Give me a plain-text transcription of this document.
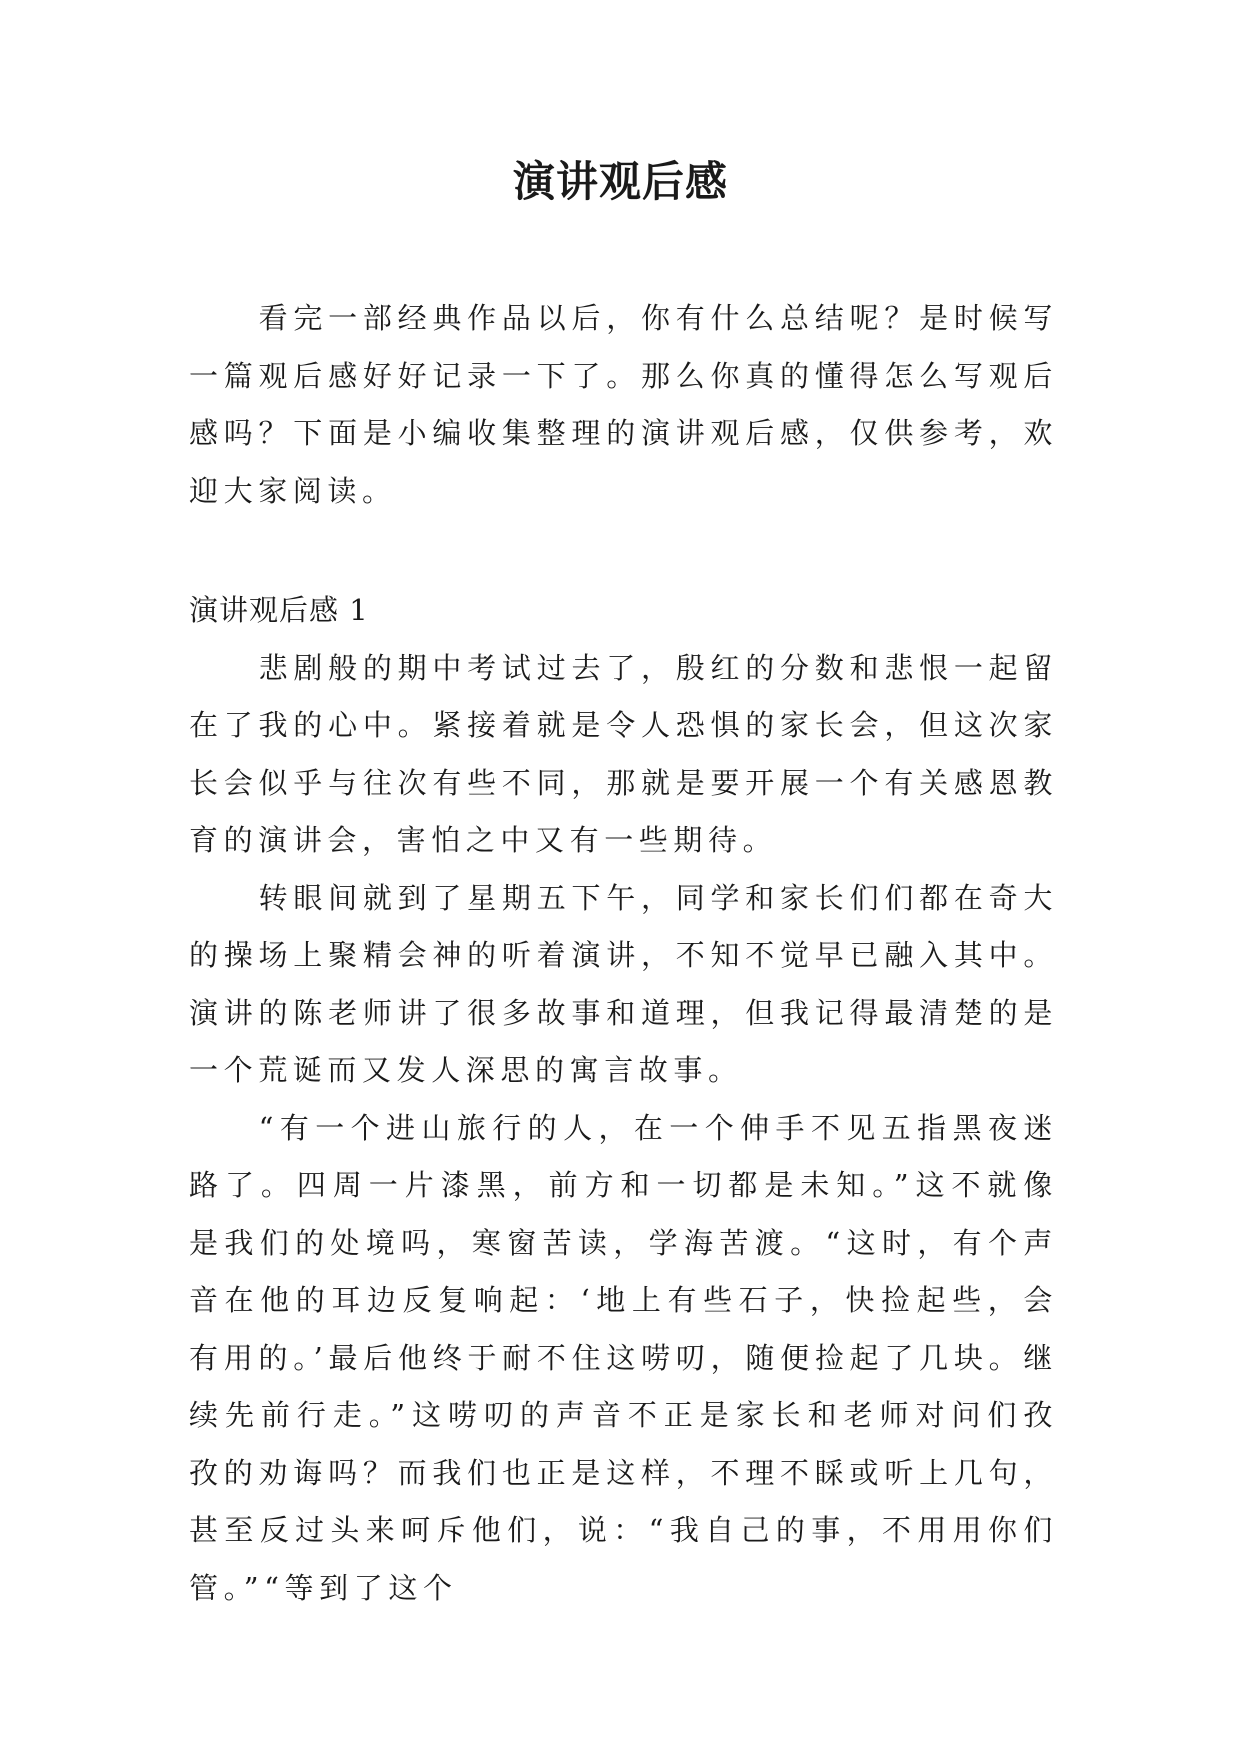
演讲观后感

看完一部经典作品以后，你有什么总结呢？是时候写一篇观后感好好记录一下了。那么你真的懂得怎么写观后感吗？下面是小编收集整理的演讲观后感，仅供参考，欢迎大家阅读。

演讲观后感 1

悲剧般的期中考试过去了，殷红的分数和悲恨一起留在了我的心中。紧接着就是令人恐惧的家长会，但这次家长会似乎与往次有些不同，那就是要开展一个有关感恩教育的演讲会，害怕之中又有一些期待。

转眼间就到了星期五下午，同学和家长们们都在奇大的操场上聚精会神的听着演讲，不知不觉早已融入其中。演讲的陈老师讲了很多故事和道理，但我记得最清楚的是一个荒诞而又发人深思的寓言故事。

“有一个进山旅行的人，在一个伸手不见五指黑夜迷路了。四周一片漆黑，前方和一切都是未知。”这不就像是我们的处境吗，寒窗苦读，学海苦渡。“这时，有个声音在他的耳边反复响起：‘地上有些石子，快捡起些，会有用的。’最后他终于耐不住这唠叨，随便捡起了几块。继续先前行走。”这唠叨的声音不正是家长和老师对问们孜孜的劝诲吗？而我们也正是这样，不理不睬或听上几句，甚至反过头来呵斥他们，说：“我自己的事，不用用你们管。”“等到了这个
